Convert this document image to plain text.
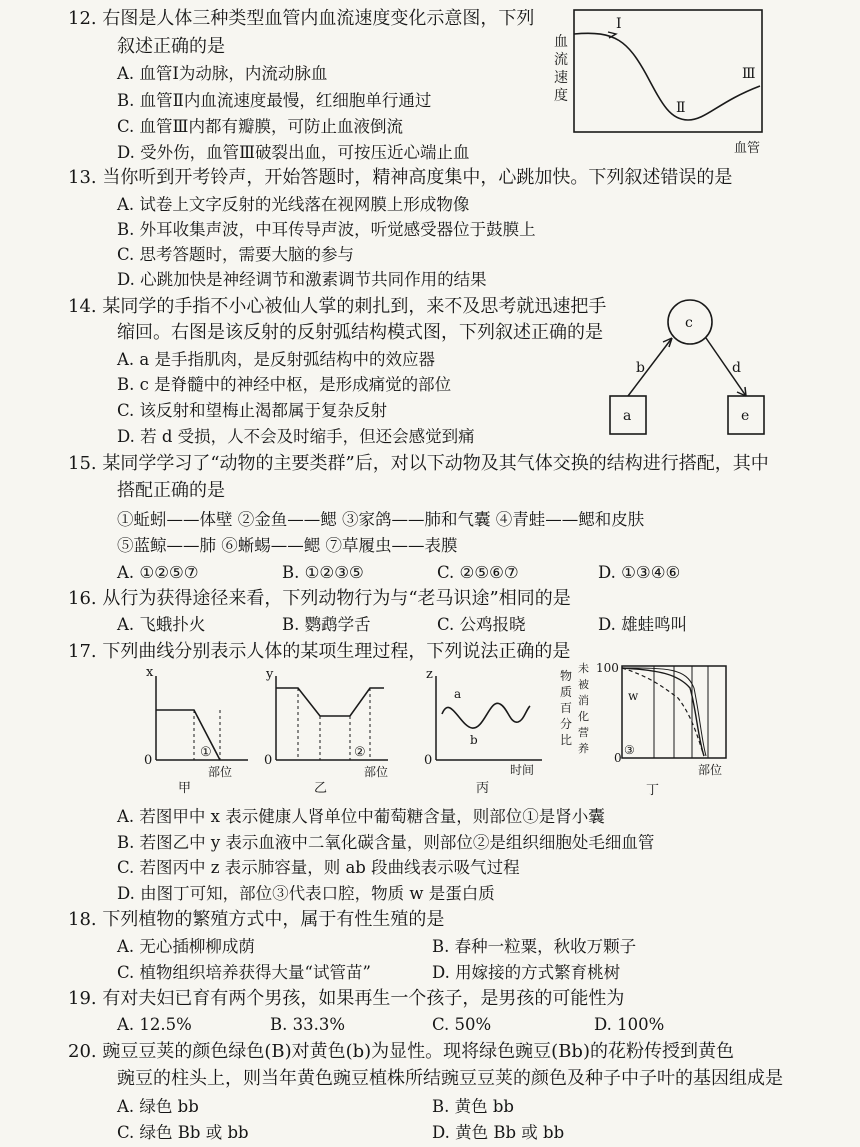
12. 右图是人体三种类型血管内血流速度变化示意图，下列
叙述正确的是
A. 血管Ⅰ为动脉，内流动脉血
B. 血管Ⅱ内血流速度最慢，红细胞单行通过
C. 血管Ⅲ内都有瓣膜，可防止血液倒流
D. 受外伤，血管Ⅲ破裂出血，可按压近心端止血
血
流
速
度
Ⅰ
Ⅱ
Ⅲ
血管
13. 当你听到开考铃声，开始答题时，精神高度集中，心跳加快。下列叙述错误的是
A. 试卷上文字反射的光线落在视网膜上形成物像
B. 外耳收集声波，中耳传导声波，听觉感受器位于鼓膜上
C. 思考答题时，需要大脑的参与
D. 心跳加快是神经调节和激素调节共同作用的结果
14. 某同学的手指不小心被仙人掌的刺扎到，来不及思考就迅速把手
缩回。右图是该反射的反射弧结构模式图，下列叙述正确的是
A. a 是手指肌肉，是反射弧结构中的效应器
B. c 是脊髓中的神经中枢，是形成痛觉的部位
C. 该反射和望梅止渴都属于复杂反射
D. 若 d 受损，人不会及时缩手，但还会感觉到痛
c
a	e
b	d
15. 某同学学习了“动物的主要类群”后，对以下动物及其气体交换的结构进行搭配，其中
搭配正确的是
①蚯蚓——体壁 ②金鱼——鳃 ③家鸽——肺和气囊 ④青蛙——鳃和皮肤
⑤蓝鲸——肺 ⑥蜥蜴——鳃 ⑦草履虫——表膜
A. ①②⑤⑦	B. ①②③⑤	C. ②⑤⑥⑦	D. ①③④⑥
16. 从行为获得途径来看，下列动物行为与“老马识途”相同的是
A. 飞蛾扑火	B. 鹦鹉学舌	C. 公鸡报晓	D. 雄蛙鸣叫
17. 下列曲线分别表示人体的某项生理过程，下列说法正确的是
x
0
①
部位
甲
y
0
②
部位
乙
z
0
a
b
时间
丙
物
质
百
分
比
未
被
消
化
营
养
100
0
w
③
部位
丁
A. 若图甲中 x 表示健康人肾单位中葡萄糖含量，则部位①是肾小囊
B. 若图乙中 y 表示血液中二氧化碳含量，则部位②是组织细胞处毛细血管
C. 若图丙中 z 表示肺容量，则 ab 段曲线表示吸气过程
D. 由图丁可知，部位③代表口腔，物质 w 是蛋白质
18. 下列植物的繁殖方式中，属于有性生殖的是
A. 无心插柳柳成荫	B. 春种一粒粟，秋收万颗子
C. 植物组织培养获得大量“试管苗”	D. 用嫁接的方式繁育桃树
19. 有对夫妇已育有两个男孩，如果再生一个孩子，是男孩的可能性为
A. 12.5%	B. 33.3%	C. 50%	D. 100%
20. 豌豆豆荚的颜色绿色(B)对黄色(b)为显性。现将绿色豌豆(Bb)的花粉传授到黄色
豌豆的柱头上，则当年黄色豌豆植株所结豌豆豆荚的颜色及种子中子叶的基因组成是
A. 绿色 bb	B. 黄色 bb
C. 绿色 Bb 或 bb	D. 黄色 Bb 或 bb
